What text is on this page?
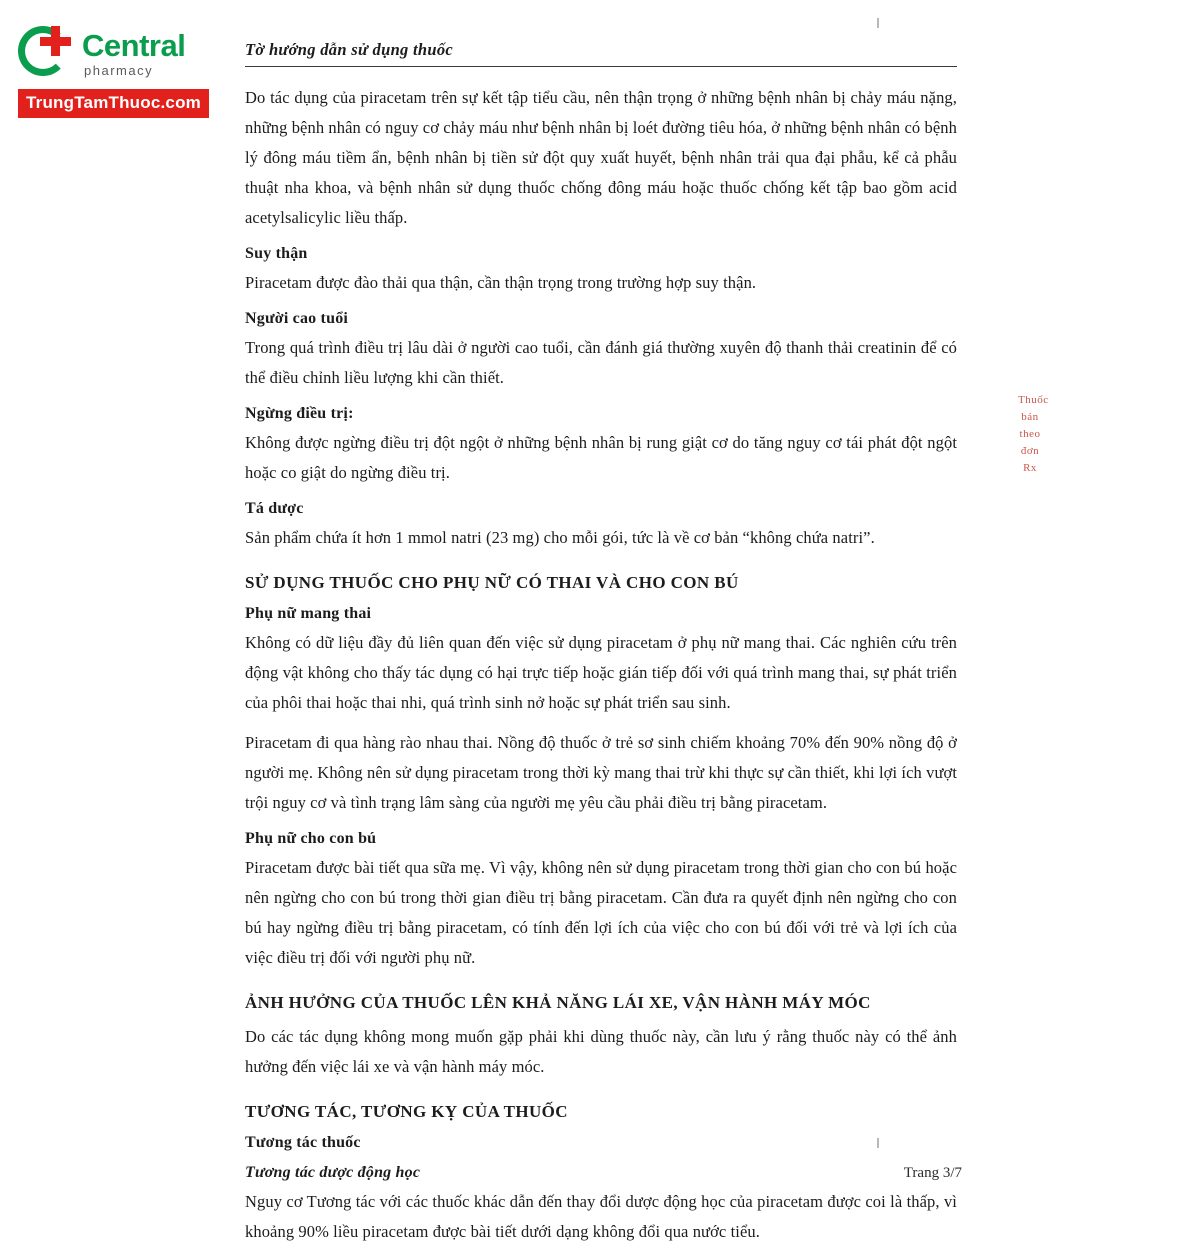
Central
pharmacy
TrungTamThuoc.com
Tờ hướng dẫn sử dụng thuốc

Do tác dụng của piracetam trên sự kết tập tiểu cầu, nên thận trọng ở những bệnh nhân bị chảy máu nặng, những bệnh nhân có nguy cơ chảy máu như bệnh nhân bị loét đường tiêu hóa, ở những bệnh nhân có bệnh lý đông máu tiềm ẩn, bệnh nhân bị tiền sử đột quy xuất huyết, bệnh nhân trải qua đại phẫu, kể cả phẫu thuật nha khoa, và bệnh nhân sử dụng thuốc chống đông máu hoặc thuốc chống kết tập bao gồm acid acetylsalicylic liều thấp.

Suy thận

Piracetam được đào thải qua thận, cần thận trọng trong trường hợp suy thận.

Người cao tuổi

Trong quá trình điều trị lâu dài ở người cao tuổi, cần đánh giá thường xuyên độ thanh thải creatinin để có thể điều chỉnh liều lượng khi cần thiết.

Ngừng điều trị:

Không được ngừng điều trị đột ngột ở những bệnh nhân bị rung giật cơ do tăng nguy cơ tái phát đột ngột hoặc co giật do ngừng điều trị.

Tá dược

Sản phẩm chứa ít hơn 1 mmol natri (23 mg) cho mỗi gói, tức là về cơ bản “không chứa natri”.

SỬ DỤNG THUỐC CHO PHỤ NỮ CÓ THAI VÀ CHO CON BÚ
Phụ nữ mang thai

Không có dữ liệu đầy đủ liên quan đến việc sử dụng piracetam ở phụ nữ mang thai. Các nghiên cứu trên động vật không cho thấy tác dụng có hại trực tiếp hoặc gián tiếp đối với quá trình mang thai, sự phát triển của phôi thai hoặc thai nhi, quá trình sinh nở hoặc sự phát triển sau sinh.

Piracetam đi qua hàng rào nhau thai. Nồng độ thuốc ở trẻ sơ sinh chiếm khoảng 70% đến 90% nồng độ ở người mẹ. Không nên sử dụng piracetam trong thời kỳ mang thai trừ khi thực sự cần thiết, khi lợi ích vượt trội nguy cơ và tình trạng lâm sàng của người mẹ yêu cầu phải điều trị bằng piracetam.

Phụ nữ cho con bú

Piracetam được bài tiết qua sữa mẹ. Vì vậy, không nên sử dụng piracetam trong thời gian cho con bú hoặc nên ngừng cho con bú trong thời gian điều trị bằng piracetam. Cần đưa ra quyết định nên ngừng cho con bú hay ngừng điều trị bằng piracetam, có tính đến lợi ích của việc cho con bú đối với trẻ và lợi ích của việc điều trị đối với người phụ nữ.

ẢNH HƯỞNG CỦA THUỐC LÊN KHẢ NĂNG LÁI XE, VẬN HÀNH MÁY MÓC

Do các tác dụng không mong muốn gặp phải khi dùng thuốc này, cần lưu ý rằng thuốc này có thể ảnh hưởng đến việc lái xe và vận hành máy móc.

TƯƠNG TÁC, TƯƠNG KỴ CỦA THUỐC
Tương tác thuốc
Tương tác dược động học

Nguy cơ Tương tác với các thuốc khác dẫn đến thay đổi dược động học của piracetam được coi là thấp, vì khoảng 90% liều piracetam được bài tiết dưới dạng không đổi qua nước tiểu.

Thuốc
bán
theo
đơn
Rx
Trang 3/7
